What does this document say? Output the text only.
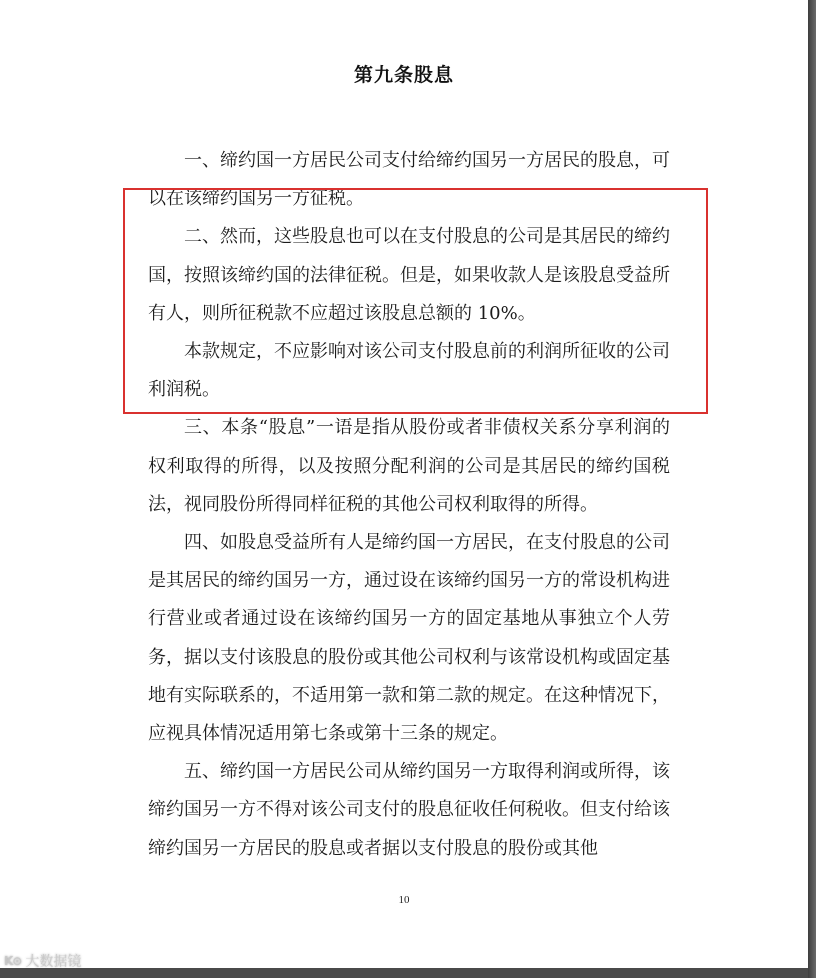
第九条股息

一、缔约国一方居民公司支付给缔约国另一方居民的股息，可以在该缔约国另一方征税。

二、然而，这些股息也可以在支付股息的公司是其居民的缔约国，按照该缔约国的法律征税。但是，如果收款人是该股息受益所有人，则所征税款不应超过该股息总额的 10%。

本款规定，不应影响对该公司支付股息前的利润所征收的公司利润税。

三、本条“股息”一语是指从股份或者非债权关系分享利润的权利取得的所得，以及按照分配利润的公司是其居民的缔约国税法，视同股份所得同样征税的其他公司权利取得的所得。

四、如股息受益所有人是缔约国一方居民，在支付股息的公司是其居民的缔约国另一方，通过设在该缔约国另一方的常设机构进行营业或者通过设在该缔约国另一方的固定基地从事独立个人劳务，据以支付该股息的股份或其他公司权利与该常设机构或固定基地有实际联系的，不适用第一款和第二款的规定。在这种情况下，应视具体情况适用第七条或第十三条的规定。

五、缔约国一方居民公司从缔约国另一方取得利润或所得，该缔约国另一方不得对该公司支付的股息征收任何税收。但支付给该缔约国另一方居民的股息或者据以支付股息的股份或其他

10
K⊙ 大数据镜
